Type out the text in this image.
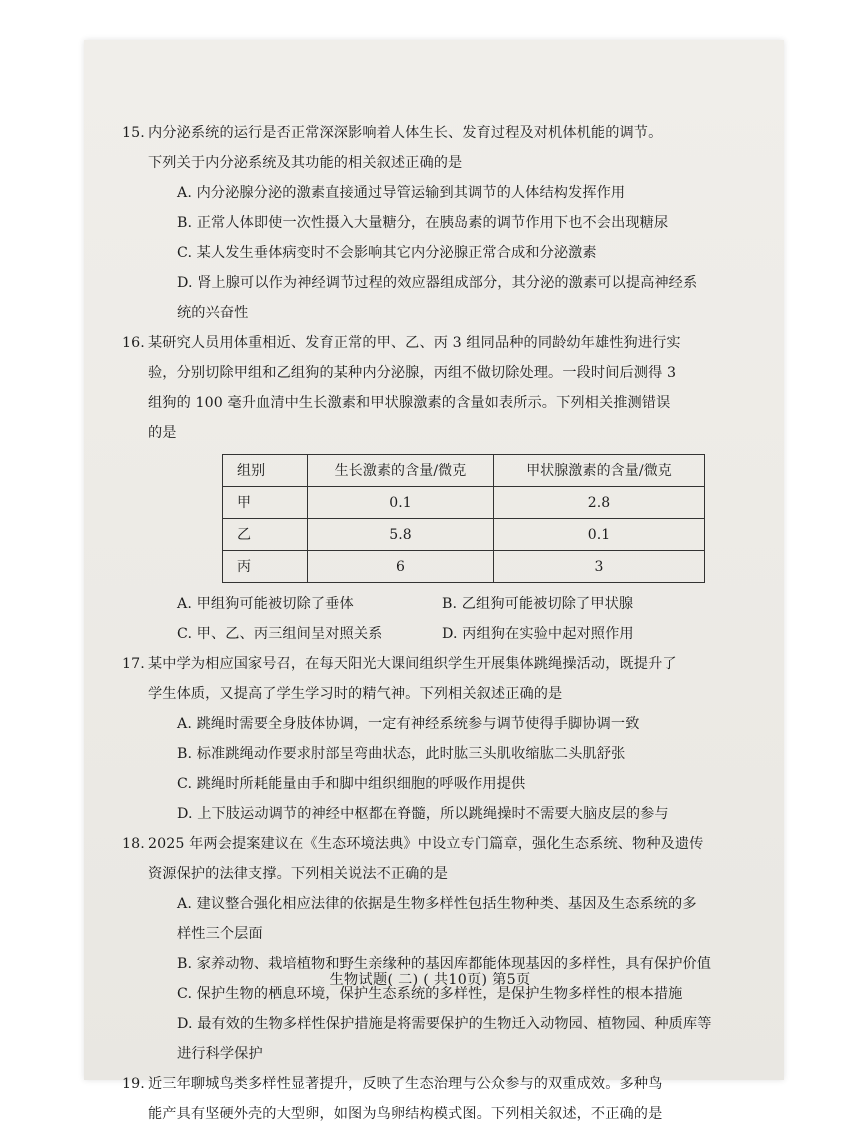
15. 内分泌系统的运行是否正常深深影响着人体生长、发育过程及对机体机能的调节。
下列关于内分泌系统及其功能的相关叙述正确的是
A. 内分泌腺分泌的激素直接通过导管运输到其调节的人体结构发挥作用
B. 正常人体即使一次性摄入大量糖分，在胰岛素的调节作用下也不会出现糖尿
C. 某人发生垂体病变时不会影响其它内分泌腺正常合成和分泌激素
D. 肾上腺可以作为神经调节过程的效应器组成部分，其分泌的激素可以提高神经系
统的兴奋性
16. 某研究人员用体重相近、发育正常的甲、乙、丙 3 组同品种的同龄幼年雄性狗进行实
验，分别切除甲组和乙组狗的某种内分泌腺，丙组不做切除处理。一段时间后测得 3
组狗的 100 毫升血清中生长激素和甲状腺激素的含量如表所示。下列相关推测错误
的是
组别	生长激素的含量/微克	甲状腺激素的含量/微克
甲	0.1	2.8
乙	5.8	0.1
丙	6	3
A. 甲组狗可能被切除了垂体	B. 乙组狗可能被切除了甲状腺
C. 甲、乙、丙三组间呈对照关系	D. 丙组狗在实验中起对照作用
17. 某中学为相应国家号召，在每天阳光大课间组织学生开展集体跳绳操活动，既提升了
学生体质，又提高了学生学习时的精气神。下列相关叙述正确的是
A. 跳绳时需要全身肢体协调，一定有神经系统参与调节使得手脚协调一致
B. 标准跳绳动作要求肘部呈弯曲状态，此时肱三头肌收缩肱二头肌舒张
C. 跳绳时所耗能量由手和脚中组织细胞的呼吸作用提供
D. 上下肢运动调节的神经中枢都在脊髓，所以跳绳操时不需要大脑皮层的参与
18. 2025 年两会提案建议在《生态环境法典》中设立专门篇章，强化生态系统、物种及遗传
资源保护的法律支撑。下列相关说法不正确的是
A. 建议整合强化相应法律的依据是生物多样性包括生物种类、基因及生态系统的多
样性三个层面
B. 家养动物、栽培植物和野生亲缘种的基因库都能体现基因的多样性，具有保护价值
C. 保护生物的栖息环境，保护生态系统的多样性，是保护生物多样性的根本措施
D. 最有效的生物多样性保护措施是将需要保护的生物迁入动物园、植物园、种质库等
进行科学保护
19. 近三年聊城鸟类多样性显著提升，反映了生态治理与公众参与的双重成效。多种鸟
能产具有坚硬外壳的大型卵，如图为鸟卵结构模式图。下列相关叙述，不正确的是
生物试题( 二) ( 共10页) 第5页
